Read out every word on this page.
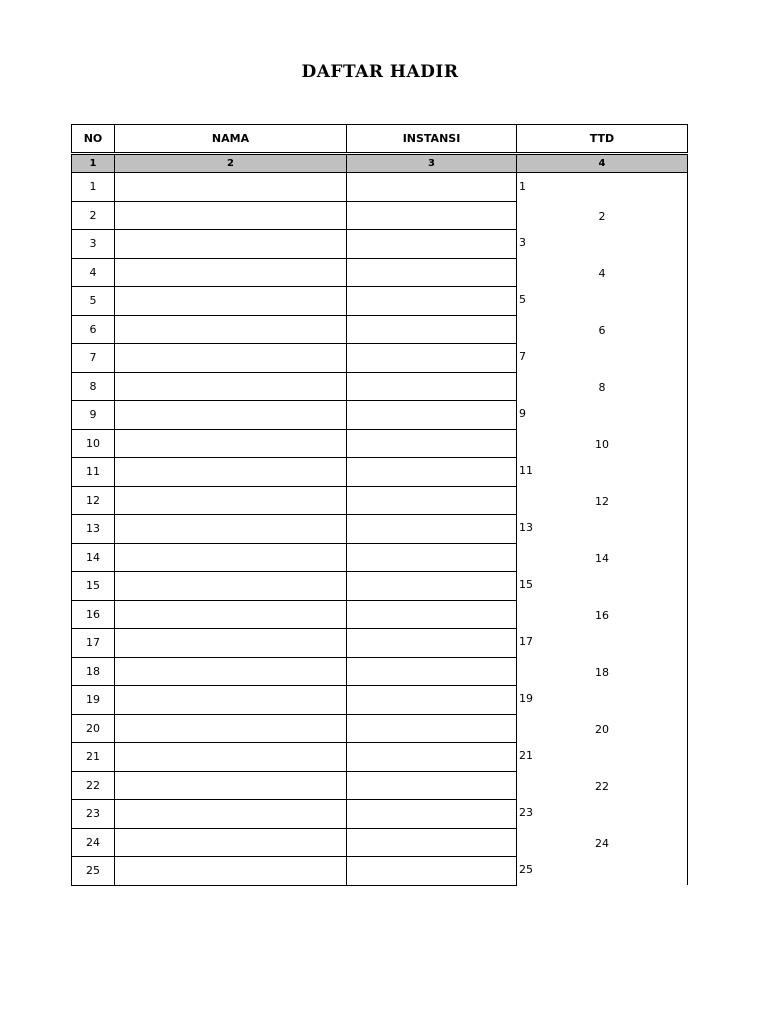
DAFTAR HADIR
NO	NAMA	INSTANSI	TTD
1	2	3	4
1			1
2			2
3			3
4			4
5			5
6			6
7			7
8			8
9			9
10			10
11			11
12			12
13			13
14			14
15			15
16			16
17			17
18			18
19			19
20			20
21			21
22			22
23			23
24			24
25			25
